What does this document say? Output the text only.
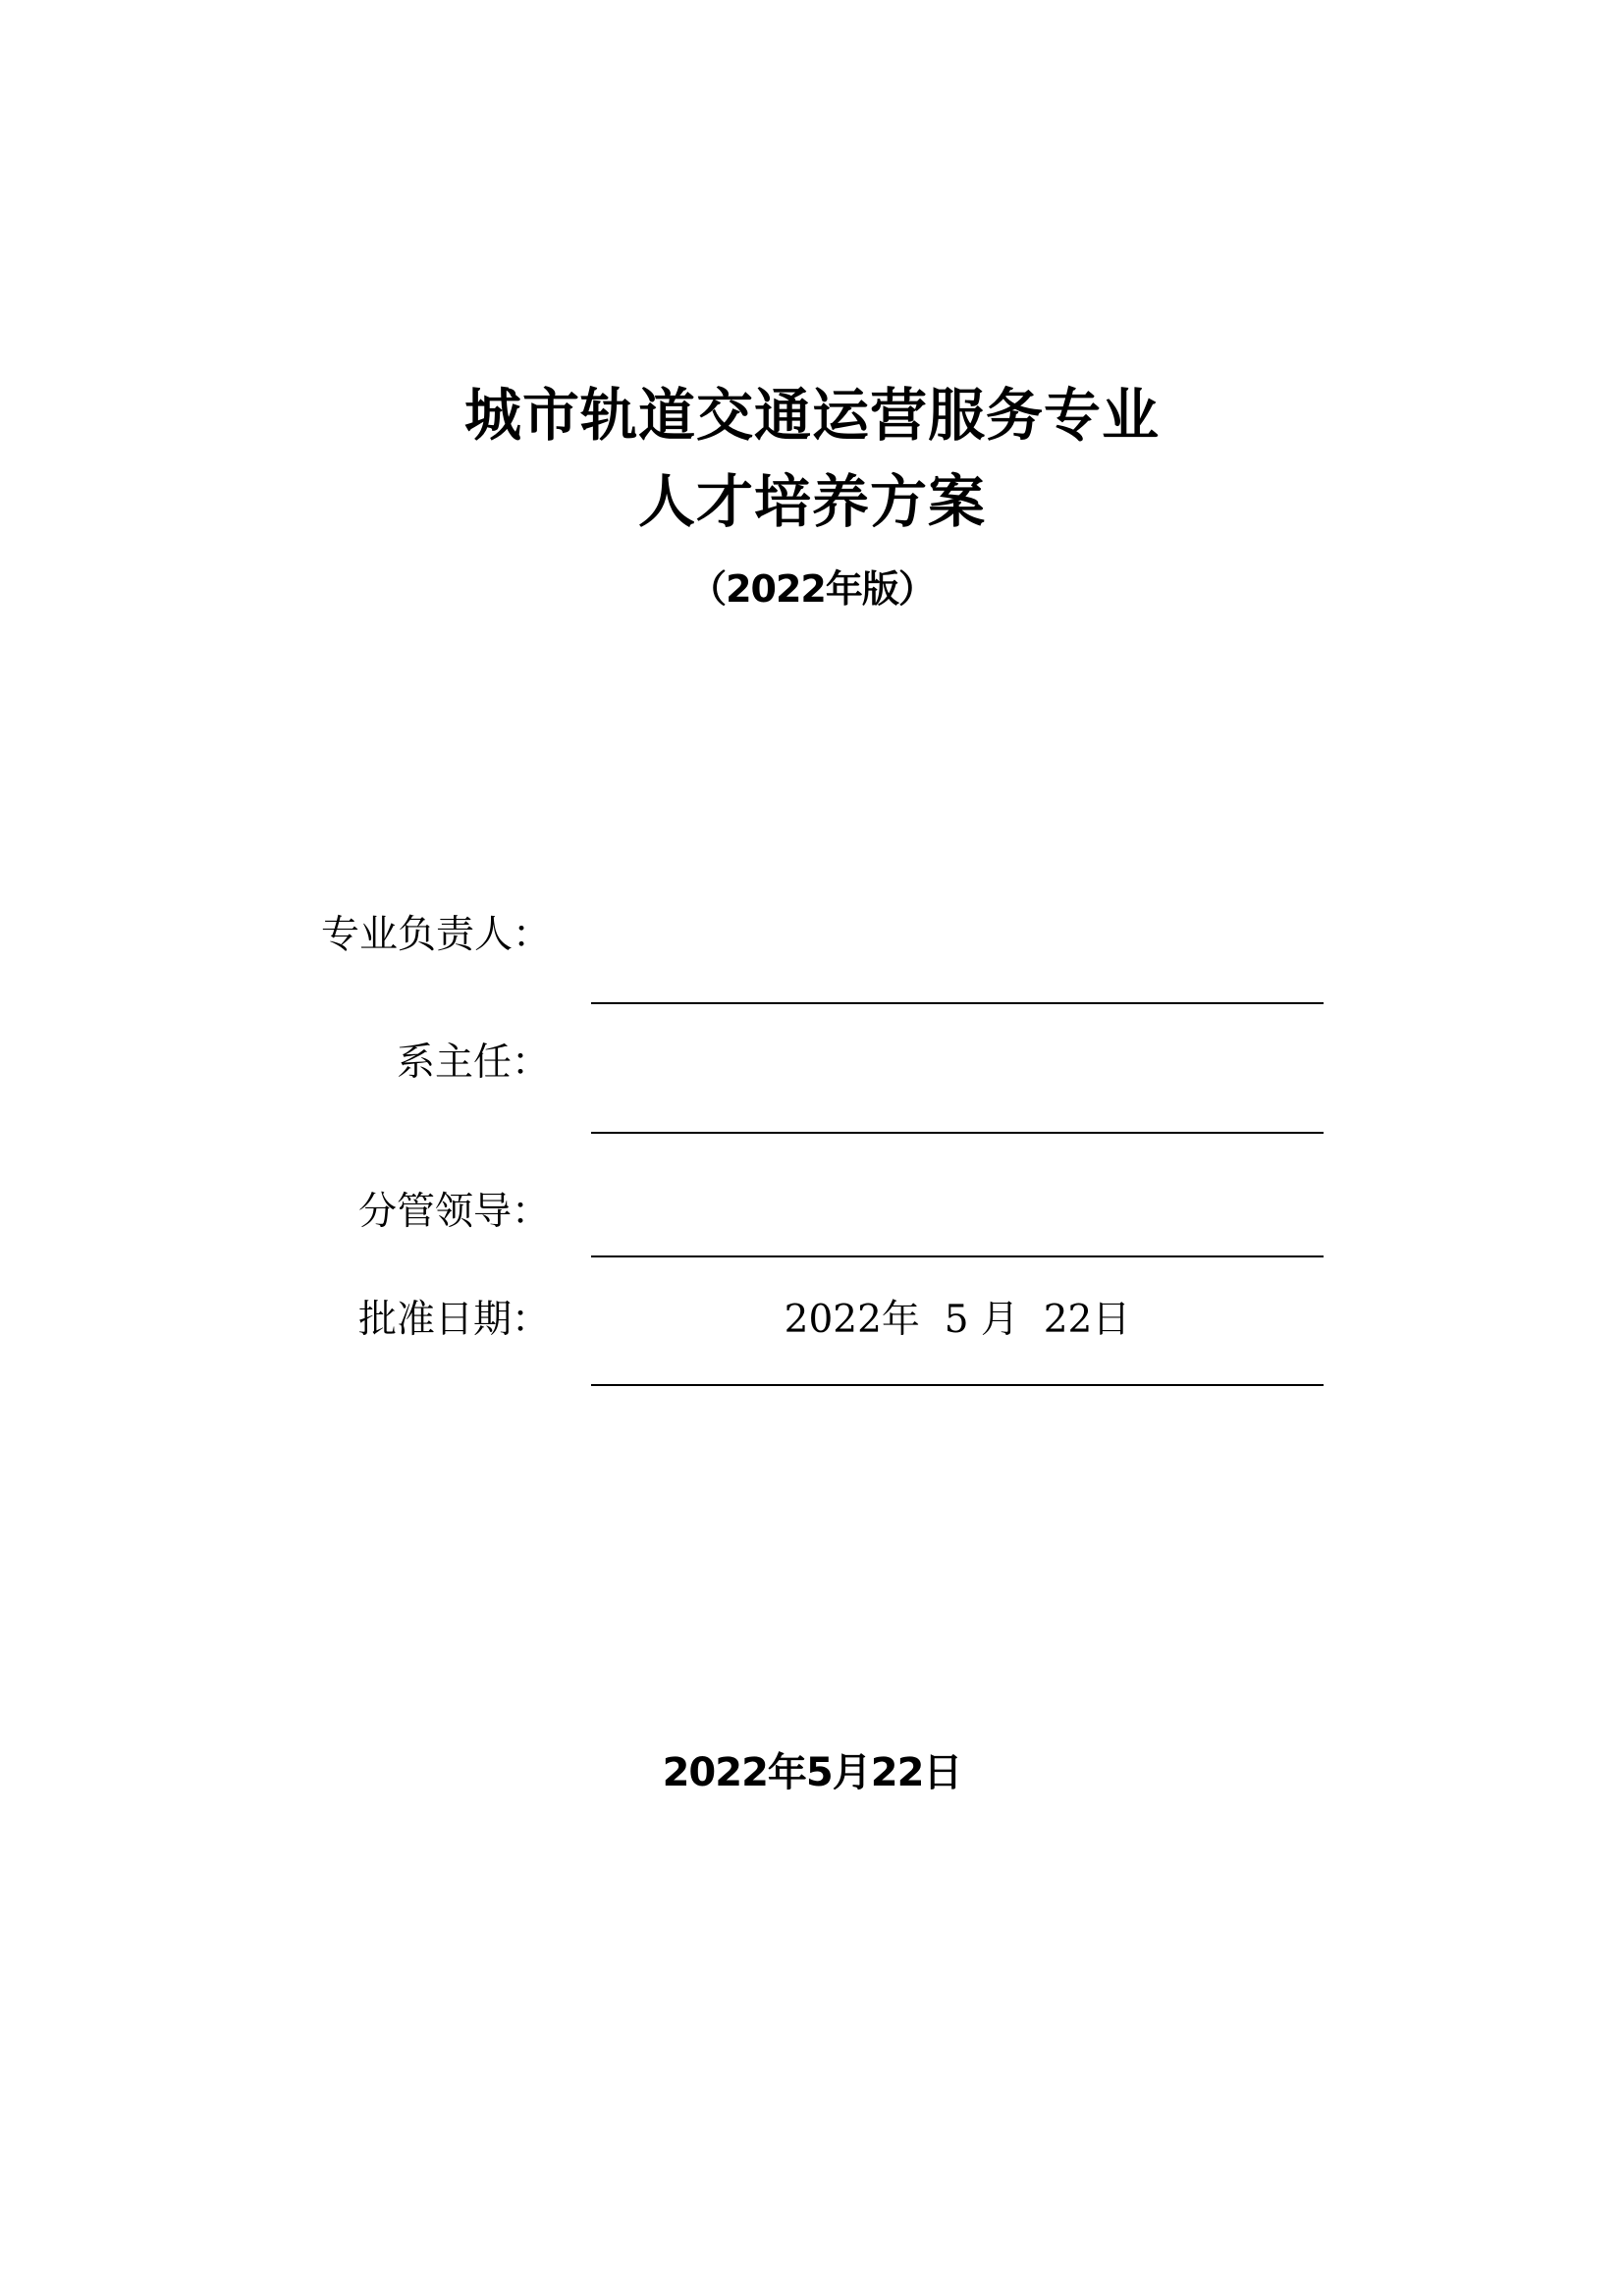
城市轨道交通运营服务专业
人才培养方案
（2022年版）
专业负责人：
系主任：
分管领导：
批准日期：	2022年  5 月  22日
2022年5月22日
